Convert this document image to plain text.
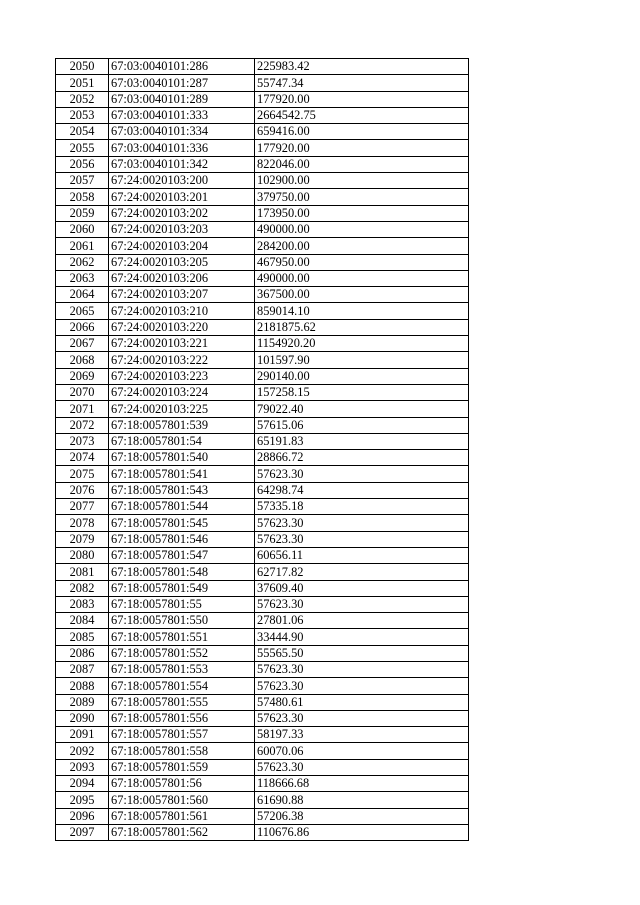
2050	67:03:0040101:286	225983.42
2051	67:03:0040101:287	55747.34
2052	67:03:0040101:289	177920.00
2053	67:03:0040101:333	2664542.75
2054	67:03:0040101:334	659416.00
2055	67:03:0040101:336	177920.00
2056	67:03:0040101:342	822046.00
2057	67:24:0020103:200	102900.00
2058	67:24:0020103:201	379750.00
2059	67:24:0020103:202	173950.00
2060	67:24:0020103:203	490000.00
2061	67:24:0020103:204	284200.00
2062	67:24:0020103:205	467950.00
2063	67:24:0020103:206	490000.00
2064	67:24:0020103:207	367500.00
2065	67:24:0020103:210	859014.10
2066	67:24:0020103:220	2181875.62
2067	67:24:0020103:221	1154920.20
2068	67:24:0020103:222	101597.90
2069	67:24:0020103:223	290140.00
2070	67:24:0020103:224	157258.15
2071	67:24:0020103:225	79022.40
2072	67:18:0057801:539	57615.06
2073	67:18:0057801:54	65191.83
2074	67:18:0057801:540	28866.72
2075	67:18:0057801:541	57623.30
2076	67:18:0057801:543	64298.74
2077	67:18:0057801:544	57335.18
2078	67:18:0057801:545	57623.30
2079	67:18:0057801:546	57623.30
2080	67:18:0057801:547	60656.11
2081	67:18:0057801:548	62717.82
2082	67:18:0057801:549	37609.40
2083	67:18:0057801:55	57623.30
2084	67:18:0057801:550	27801.06
2085	67:18:0057801:551	33444.90
2086	67:18:0057801:552	55565.50
2087	67:18:0057801:553	57623.30
2088	67:18:0057801:554	57623.30
2089	67:18:0057801:555	57480.61
2090	67:18:0057801:556	57623.30
2091	67:18:0057801:557	58197.33
2092	67:18:0057801:558	60070.06
2093	67:18:0057801:559	57623.30
2094	67:18:0057801:56	118666.68
2095	67:18:0057801:560	61690.88
2096	67:18:0057801:561	57206.38
2097	67:18:0057801:562	110676.86
